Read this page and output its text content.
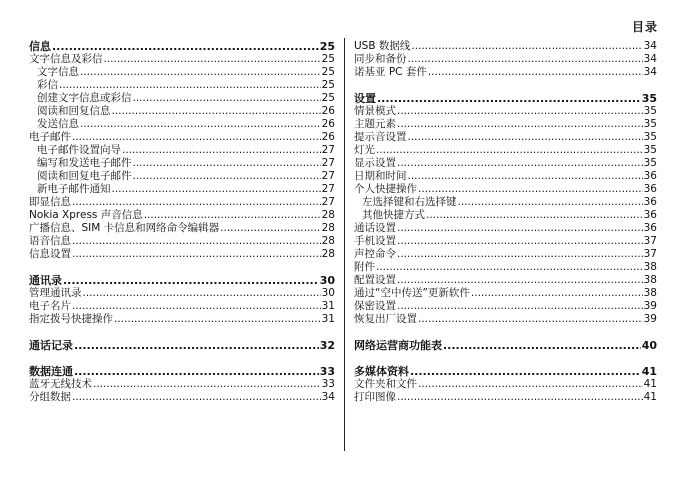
目录
信息 .....	25
文字信息及彩信 .....	25
文字信息 .....	25
彩信 .....	25
创建文字信息或彩信 .....	25
阅读和回复信息 .....	26
发送信息 .....	26
电子邮件 .....	26
电子邮件设置向导 .....	27
编写和发送电子邮件 .....	27
阅读和回复电子邮件 .....	27
新电子邮件通知 .....	27
即显信息 .....	27
Nokia Xpress 声音信息 .....	28
广播信息、SIM 卡信息和网络命令编辑器 .....	28
语音信息 .....	28
信息设置 .....	28
通讯录 .....	30
管理通讯录 .....	30
电子名片 .....	31
指定拨号快捷操作 .....	31
通话记录 .....	32
数据连通 .....	33
蓝牙无线技术 .....	33
分组数据 .....	34
USB 数据线 .....	34
同步和备份 .....	34
诺基亚 PC 套件 .....	34
设置 .....	35
情景模式 .....	35
主题元素 .....	35
提示音设置 .....	35
灯光 .....	35
显示设置 .....	35
日期和时间 .....	36
个人快捷操作 .....	36
左选择键和右选择键 .....	36
其他快捷方式 .....	36
通话设置 .....	36
手机设置 .....	37
声控命令 .....	37
附件 .....	38
配置设置 .....	38
通过“空中传送”更新软件 .....	38
保密设置 .....	39
恢复出厂设置 .....	39
网络运营商功能表 .....	40
多媒体资料 .....	41
文件夹和文件 .....	41
打印图像 .....	41
